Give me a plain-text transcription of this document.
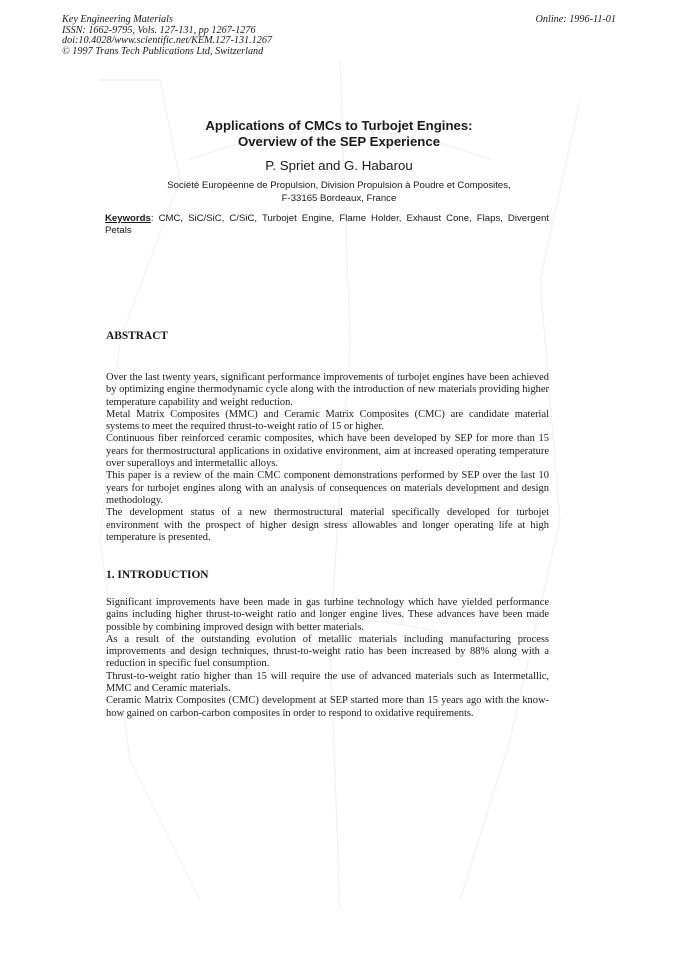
Key Engineering Materials
ISSN: 1662-9795, Vols. 127-131, pp 1267-1276
doi:10.4028/www.scientific.net/KEM.127-131.1267
© 1997 Trans Tech Publications Ltd, Switzerland
Online: 1996-11-01
Applications of CMCs to Turbojet Engines:
Overview of the SEP Experience
P. Spriet and G. Habarou
Société Européenne de Propulsion, Division Propulsion à Poudre et Composites,
F-33165 Bordeaux, France
Keywords: CMC, SiC/SiC, C/SiC, Turbojet Engine, Flame Holder, Exhaust Cone, Flaps, Divergent Petals
ABSTRACT

Over the last twenty years, significant performance improvements of turbojet engines have been achieved by optimizing engine thermodynamic cycle along with the introduction of new materials providing higher temperature capability and weight reduction.

Metal Matrix Composites (MMC) and Ceramic Matrix Composites (CMC) are candidate material systems to meet the required thrust-to-weight ratio of 15 or higher.

Continuous fiber reinforced ceramic composites, which have been developed by SEP for more than 15 years for thermostructural applications in oxidative environment, aim at increased operating temperature over superalloys and intermetallic alloys.

This paper is a review of the main CMC component demonstrations performed by SEP over the last 10 years for turbojet engines along with an analysis of consequences on materials development and design methodology.

The development status of a new thermostructural material specifically developed for turbojet environment with the prospect of higher design stress allowables and longer operating life at high temperature is presented.

1. INTRODUCTION

Significant improvements have been made in gas turbine technology which have yielded performance gains including higher thrust-to-weight ratio and longer engine lives. These advances have been made possible by combining improved design with better materials.

As a result of the outstanding evolution of metallic materials including manufacturing process improvements and design techniques, thrust-to-weight ratio has been increased by 88% along with a reduction in specific fuel consumption.

Thrust-to-weight ratio higher than 15 will require the use of advanced materials such as Intermetallic, MMC and Ceramic materials.

Ceramic Matrix Composites (CMC) development at SEP started more than 15 years ago with the know-how gained on carbon-carbon composites in order to respond to oxidative requirements.
